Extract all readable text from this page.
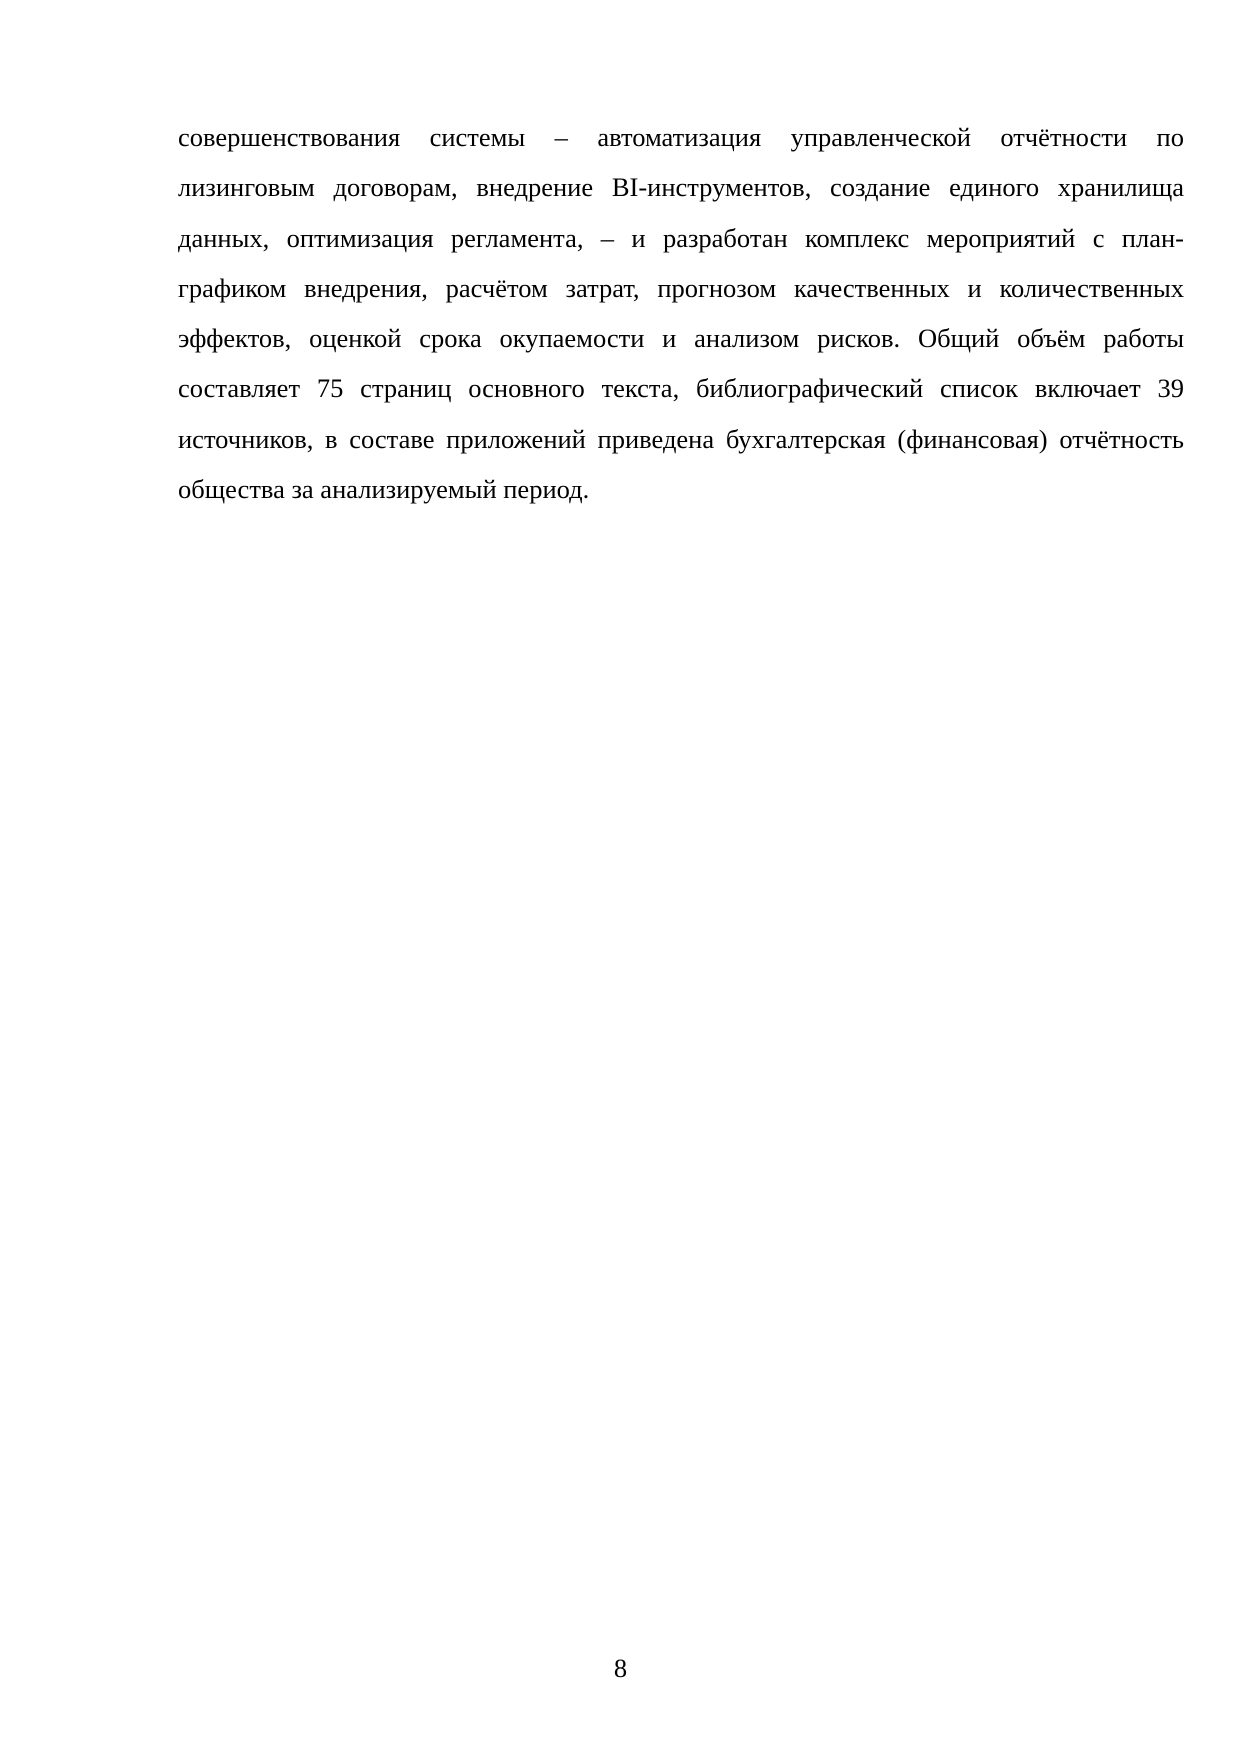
совершенствования системы – автоматизация управленческой отчётности по лизинговым договорам, внедрение BI-инструментов, создание единого хранилища данных, оптимизация регламента, – и разработан комплекс мероприятий с план-графиком внедрения, расчётом затрат, прогнозом качественных и количественных эффектов, оценкой срока окупаемости и анализом рисков. Общий объём работы составляет 75 страниц основного текста, библиографический список включает 39 источников, в составе приложений приведена бухгалтерская (финансовая) отчётность общества за анализируемый период.

8
